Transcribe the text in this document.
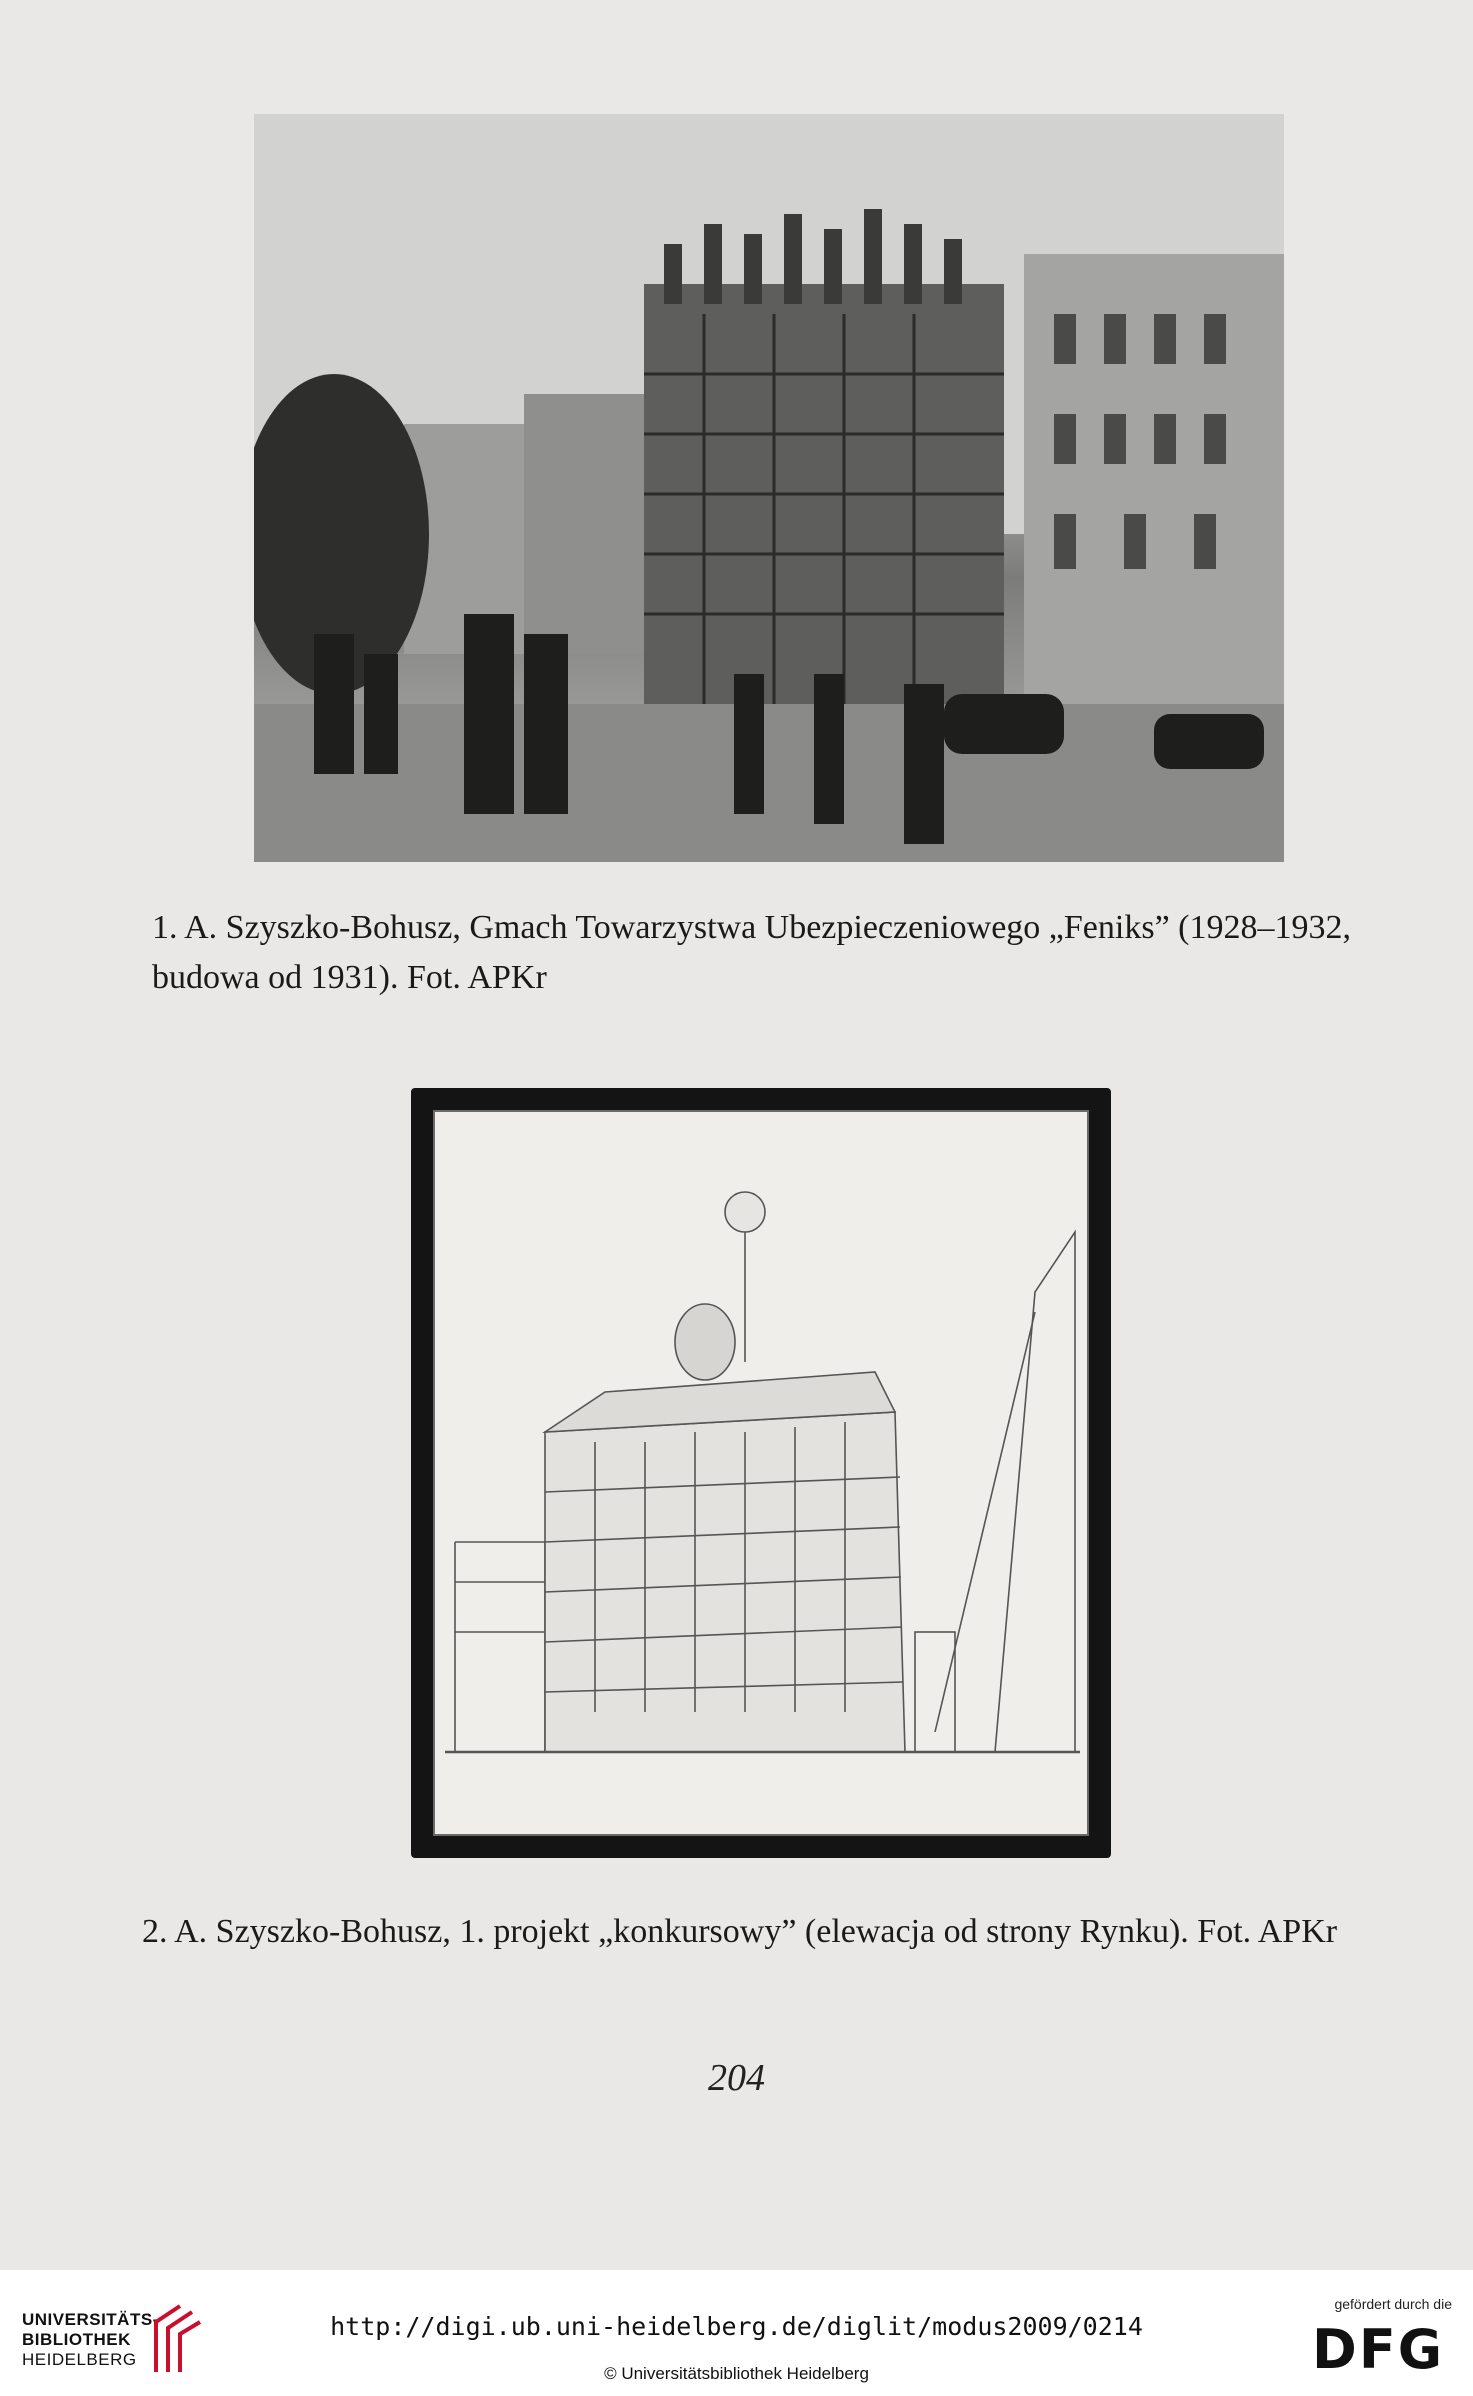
1. A. Szyszko-Bohusz, Gmach Towarzystwa Ubezpieczeniowego „Feniks” (1928–1932,
budowa od 1931). Fot. APKr
2. A. Szyszko-Bohusz, 1. projekt „konkursowy” (elewacja od strony Rynku). Fot. APKr
204
UNIVERSITÄTS-
BIBLIOTHEK
HEIDELBERG
http://digi.ub.uni-heidelberg.de/diglit/modus2009/0214
© Universitätsbibliothek Heidelberg
gefördert durch die
DFG
